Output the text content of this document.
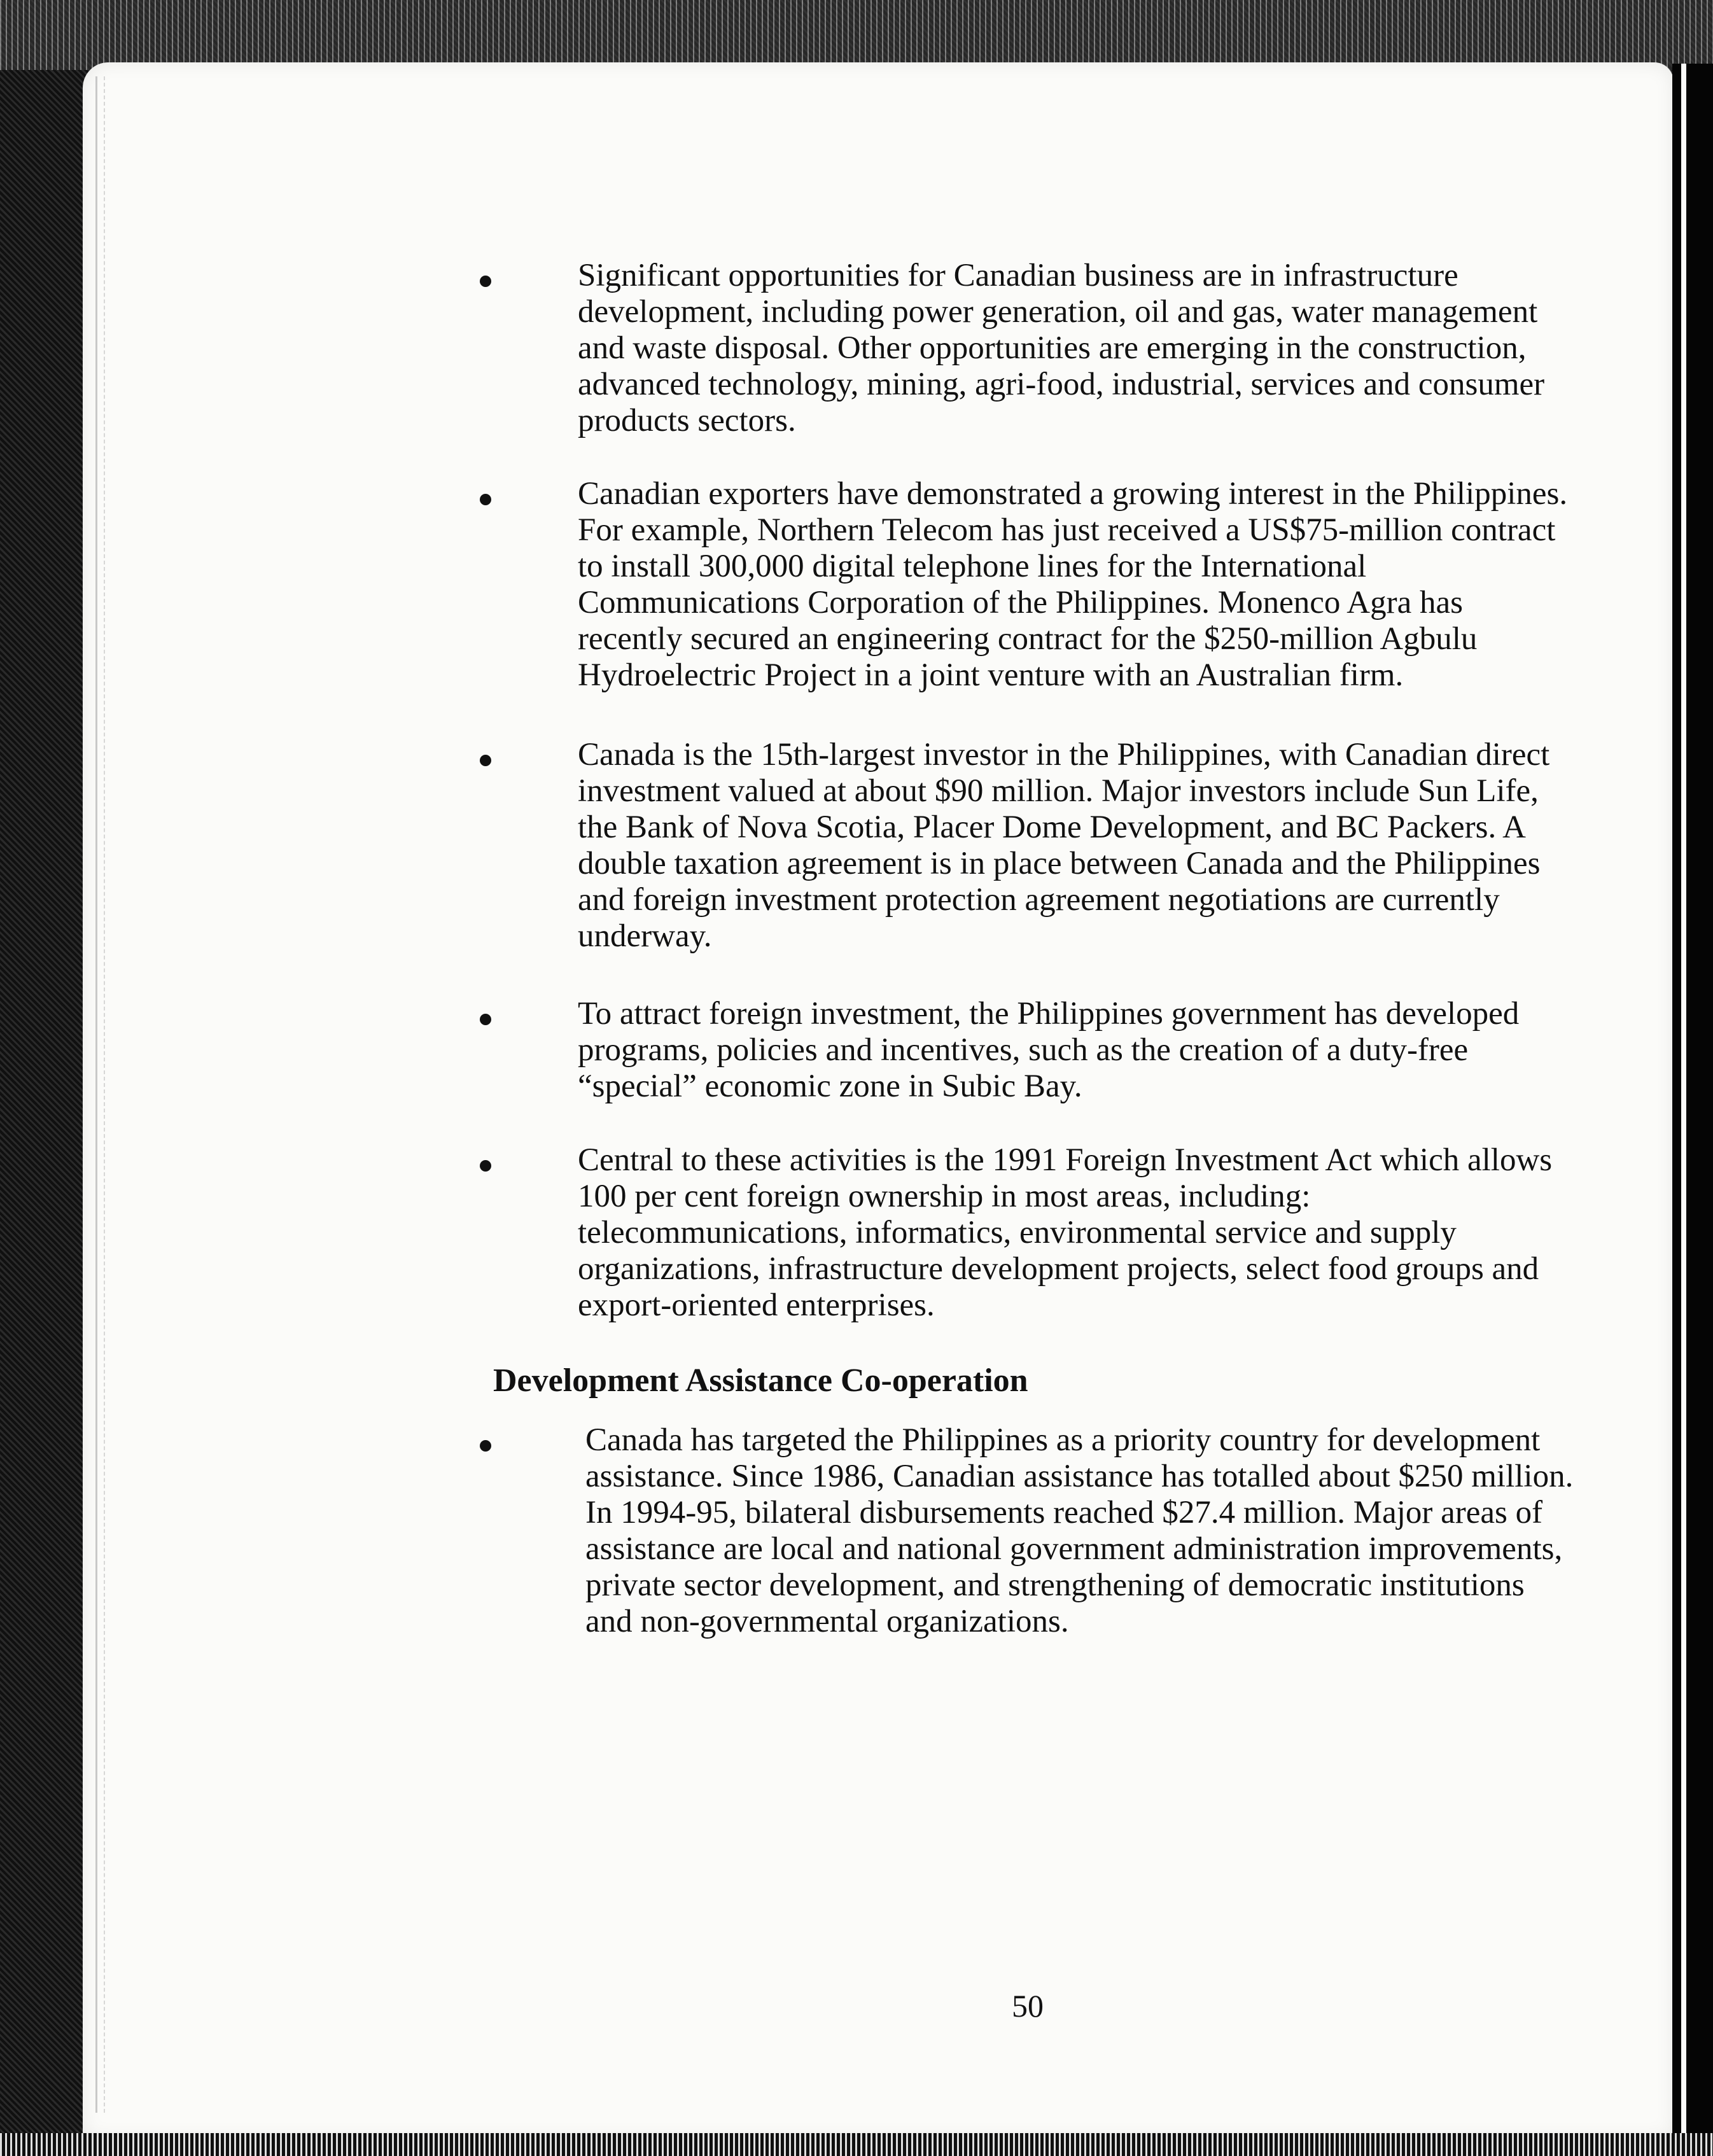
Significant opportunities for Canadian business are in infrastructure development, including power generation, oil and gas, water management and waste disposal. Other opportunities are emerging in the construction, advanced technology, mining, agri-food, industrial, services and consumer products sectors.

Canadian exporters have demonstrated a growing interest in the Philippines. For example, Northern Telecom has just received a US$75-million contract to install 300,000 digital telephone lines for the International Communications Corporation of the Philippines. Monenco Agra has recently secured an engineering contract for the $250-million Agbulu Hydroelectric Project in a joint venture with an Australian firm.

Canada is the 15th-largest investor in the Philippines, with Canadian direct investment valued at about $90 million. Major investors include Sun Life, the Bank of Nova Scotia, Placer Dome Development, and BC Packers. A double taxation agreement is in place between Canada and the Philippines and foreign investment protection agreement negotiations are currently underway.

To attract foreign investment, the Philippines government has developed programs, policies and incentives, such as the creation of a duty-free “special” economic zone in Subic Bay.

Central to these activities is the 1991 Foreign Investment Act which allows 100 per cent foreign ownership in most areas, including: telecommunications, informatics, environmental service and supply organizations, infrastructure development projects, select food groups and export-oriented enterprises.

Development Assistance Co-operation

Canada has targeted the Philippines as a priority country for development assistance. Since 1986, Canadian assistance has totalled about $250 million. In 1994-95, bilateral disbursements reached $27.4 million. Major areas of assistance are local and national government administration improvements, private sector development, and strengthening of democratic institutions and non-governmental organizations.

50
